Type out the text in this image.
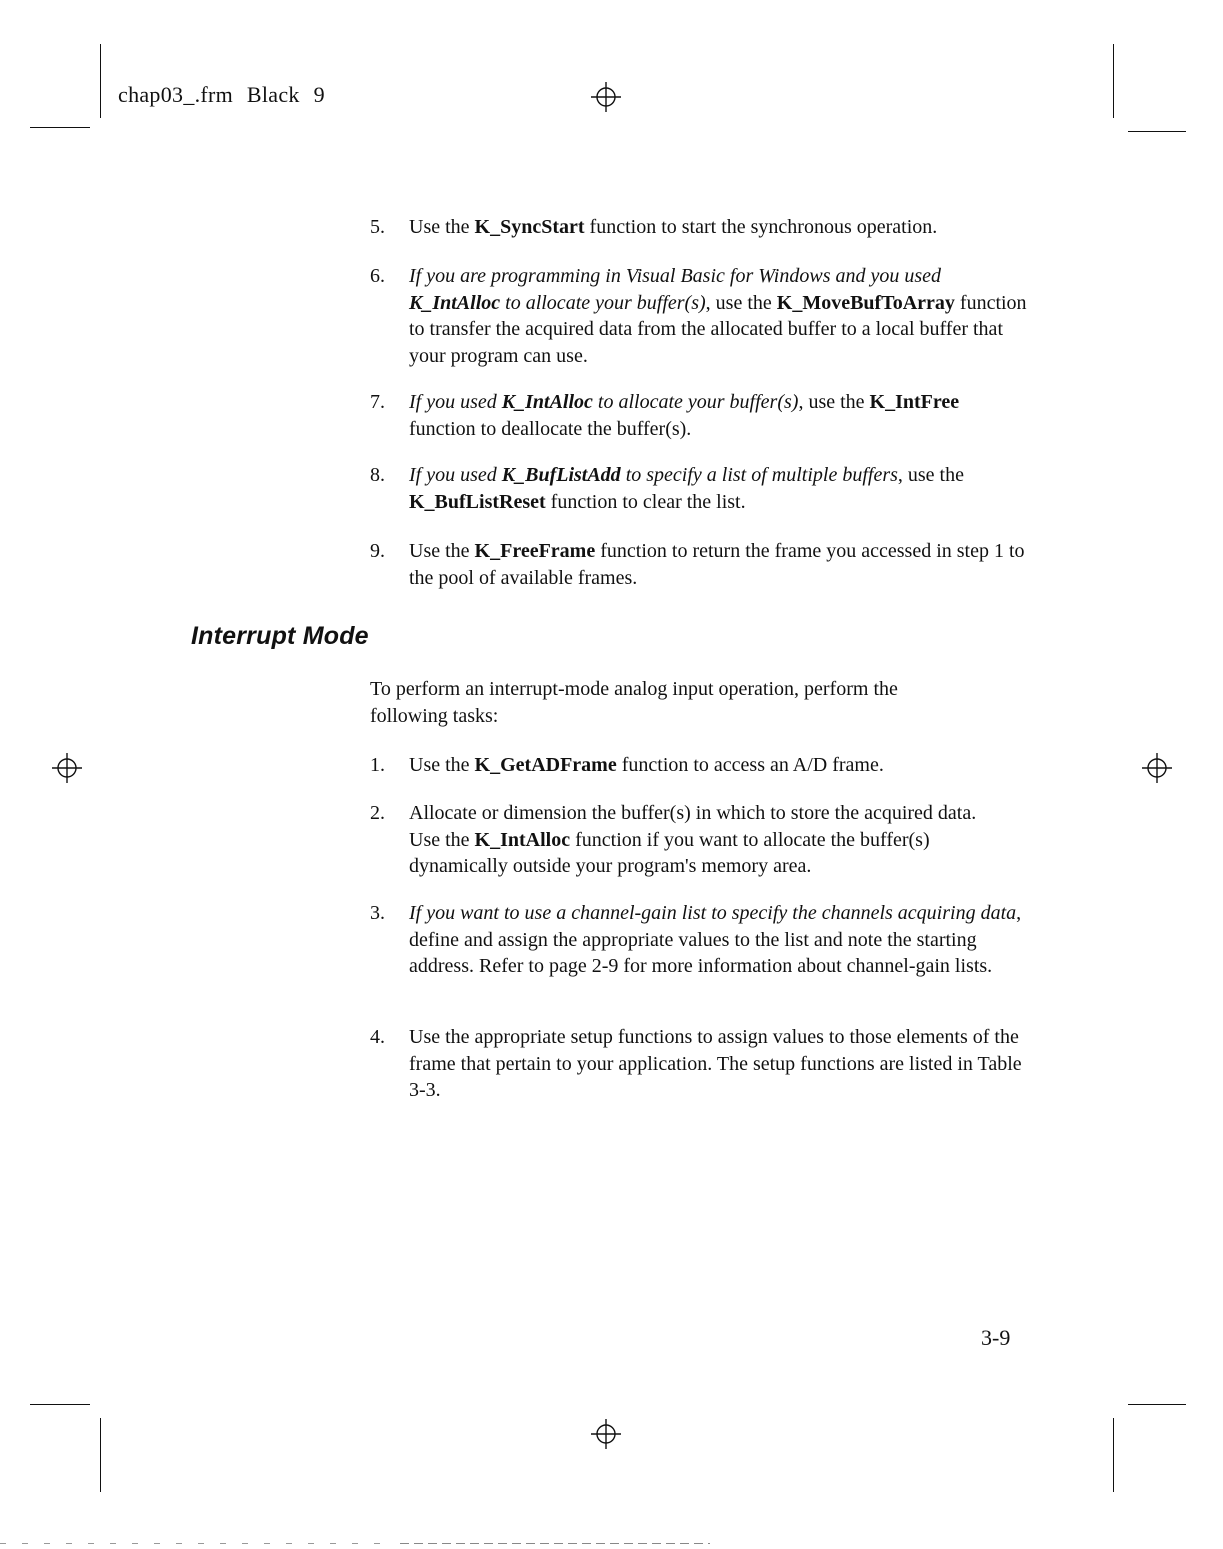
chap03_.frm Black 9
5. Use the K_SyncStart function to start the synchronous operation.
6. If you are programming in Visual Basic for Windows and you used K_IntAlloc to allocate your buffer(s), use the K_MoveBufToArray function to transfer the acquired data from the allocated buffer to a local buffer that your program can use.
7. If you used K_IntAlloc to allocate your buffer(s), use the K_IntFree function to deallocate the buffer(s).
8. If you used K_BufListAdd to specify a list of multiple buffers, use the K_BufListReset function to clear the list.
9. Use the K_FreeFrame function to return the frame you accessed in step 1 to the pool of available frames.
Interrupt Mode
To perform an interrupt-mode analog input operation, perform the following tasks:
1. Use the K_GetADFrame function to access an A/D frame.
2. Allocate or dimension the buffer(s) in which to store the acquired data. Use the K_IntAlloc function if you want to allocate the buffer(s) dynamically outside your program's memory area.
3. If you want to use a channel-gain list to specify the channels acquiring data, define and assign the appropriate values to the list and note the starting address. Refer to page 2-9 for more information about channel-gain lists.
4. Use the appropriate setup functions to assign values to those elements of the frame that pertain to your application. The setup functions are listed in Table 3-3.
3-9
